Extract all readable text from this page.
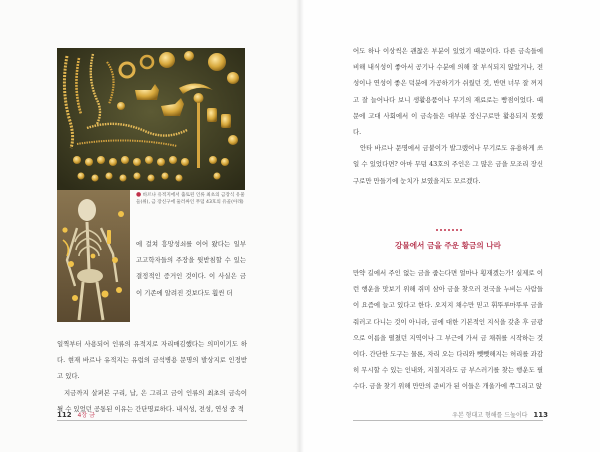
● 바르나 유적지에서 출토된 인류 최초의 금장식 유물들(위), 금 장신구에 둘러싸인 무덤 43호의 유골(아래)

에 걸쳐 흥망성쇠를 이어 왔다는 일부 고고학자들의 주장을 뒷받침할 수 있는 결정적인 증거인 것이다. 이 사실은 금이 기존에 알려진 것보다도 훨씬 더

일찍부터 사용되어 인류의 유적지로 자리매김했다는 의미이기도 하다. 현재 바르나 유적지는 유럽의 금석병용 문명의 발상지로 인정받고 있다.

지금까지 살펴본 구리, 납, 은 그리고 금이 인류의 최초의 금속이 될 수 있었던 공통된 이유는 간단명료하다. 내식성, 전성, 연성 중 적

어도 하나 이상씩은 괜찮은 부분이 있었기 때문이다. 다른 금속들에 비해 내식성이 좋아서 공기나 수분에 의해 잘 부식되지 않았거나, 전성이나 연성이 좋은 덕분에 가공하기가 쉬웠던 것, 반면 너무 잘 꺼지고 잘 늘어나다 보니 생활용품이나 무기의 재료로는 빵점이었다. 때문에 고대 사회에서 이 금속들은 대부분 장신구로만 활용되지 못했다.

안타 바르나 문명에서 금붙이가 발그랬어나 무기로도 유용하게 쓰일 수 있었다면? 아마 무덤 43호의 주인은 그 많은 금을 모조리 장신구로만 만들기에 눈치가 보였을지도 모르겠다.

강물에서 금을 주운 황금의 나라

만약 길에서 주인 없는 금을 줍는다면 얼마나 횡재겠는가! 실제로 이런 행운을 맛보기 위해 쥐미 삼아 금을 찾으러 전국을 누비는 사람들이 요즘에 늘고 있다고 한다. 오지지 채수만 믿고 휘뚜루마뚜루 금을 줘러고 다니는 것이 아니라, 금에 대한 기본적인 지식을 갖춘 후 금광으로 이름을 떨쳤던 지역이나 그 부근에 가서 금 채취를 시작하는 것이다. 간단한 도구는 물론, 자리 오는 다리와 뺏뺏해지는 허리를 과감히 무시할 수 있는 인내와, 지칠지라도 금 부스러기를 찾는 행운도 필수다. 금을 찾기 위해 만만의 준비가 된 이들은 개울가에 쭈그리고 앉

112 4장 금	우본 형대고 형해를 드높이다 113
